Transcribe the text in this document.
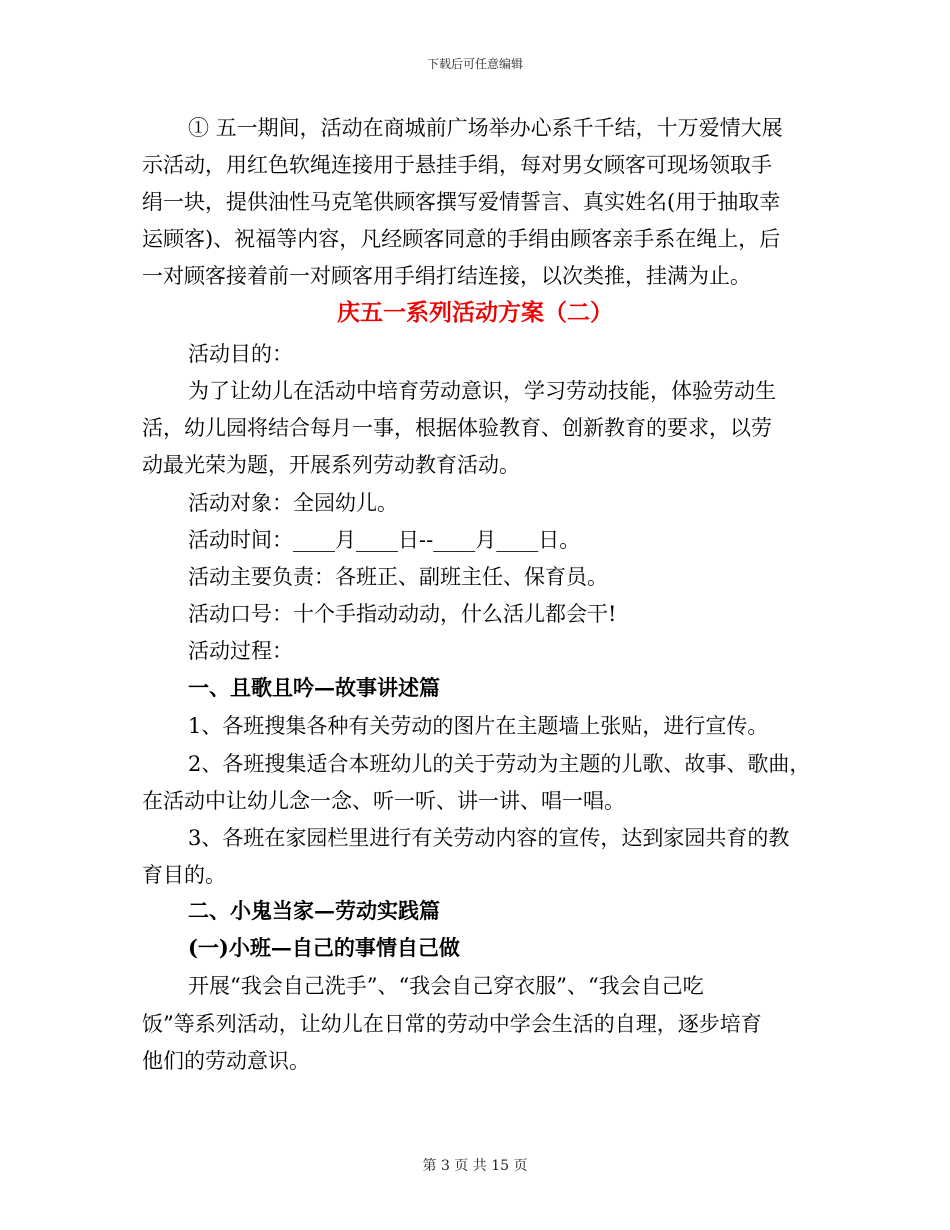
下载后可任意编辑
① 五一期间，活动在商城前广场举办心系千千结，十万爱情大展
示活动，用红色软绳连接用于悬挂手绢，每对男女顾客可现场领取手
绢一块，提供油性马克笔供顾客撰写爱情誓言、真实姓名(用于抽取幸
运顾客)、祝福等内容，凡经顾客同意的手绢由顾客亲手系在绳上，后
一对顾客接着前一对顾客用手绢打结连接，以次类推，挂满为止。
庆五一系列活动方案（二）
活动目的：
为了让幼儿在活动中培育劳动意识，学习劳动技能，体验劳动生
活，幼儿园将结合每月一事，根据体验教育、创新教育的要求，以劳
动最光荣为题，开展系列劳动教育活动。
活动对象：全园幼儿。
活动时间：____月____日--____月____日。
活动主要负责：各班正、副班主任、保育员。
活动口号：十个手指动动动，什么活儿都会干!
活动过程：
一、且歌且吟—故事讲述篇
1、各班搜集各种有关劳动的图片在主题墙上张贴，进行宣传。
2、各班搜集适合本班幼儿的关于劳动为主题的儿歌、故事、歌曲，
在活动中让幼儿念一念、听一听、讲一讲、唱一唱。
3、各班在家园栏里进行有关劳动内容的宣传，达到家园共育的教
育目的。
二、小鬼当家—劳动实践篇
(一)小班—自己的事情自己做
开展“我会自己洗手”、“我会自己穿衣服”、“我会自己吃
饭”等系列活动，让幼儿在日常的劳动中学会生活的自理，逐步培育
他们的劳动意识。
第 3 页 共 15 页
